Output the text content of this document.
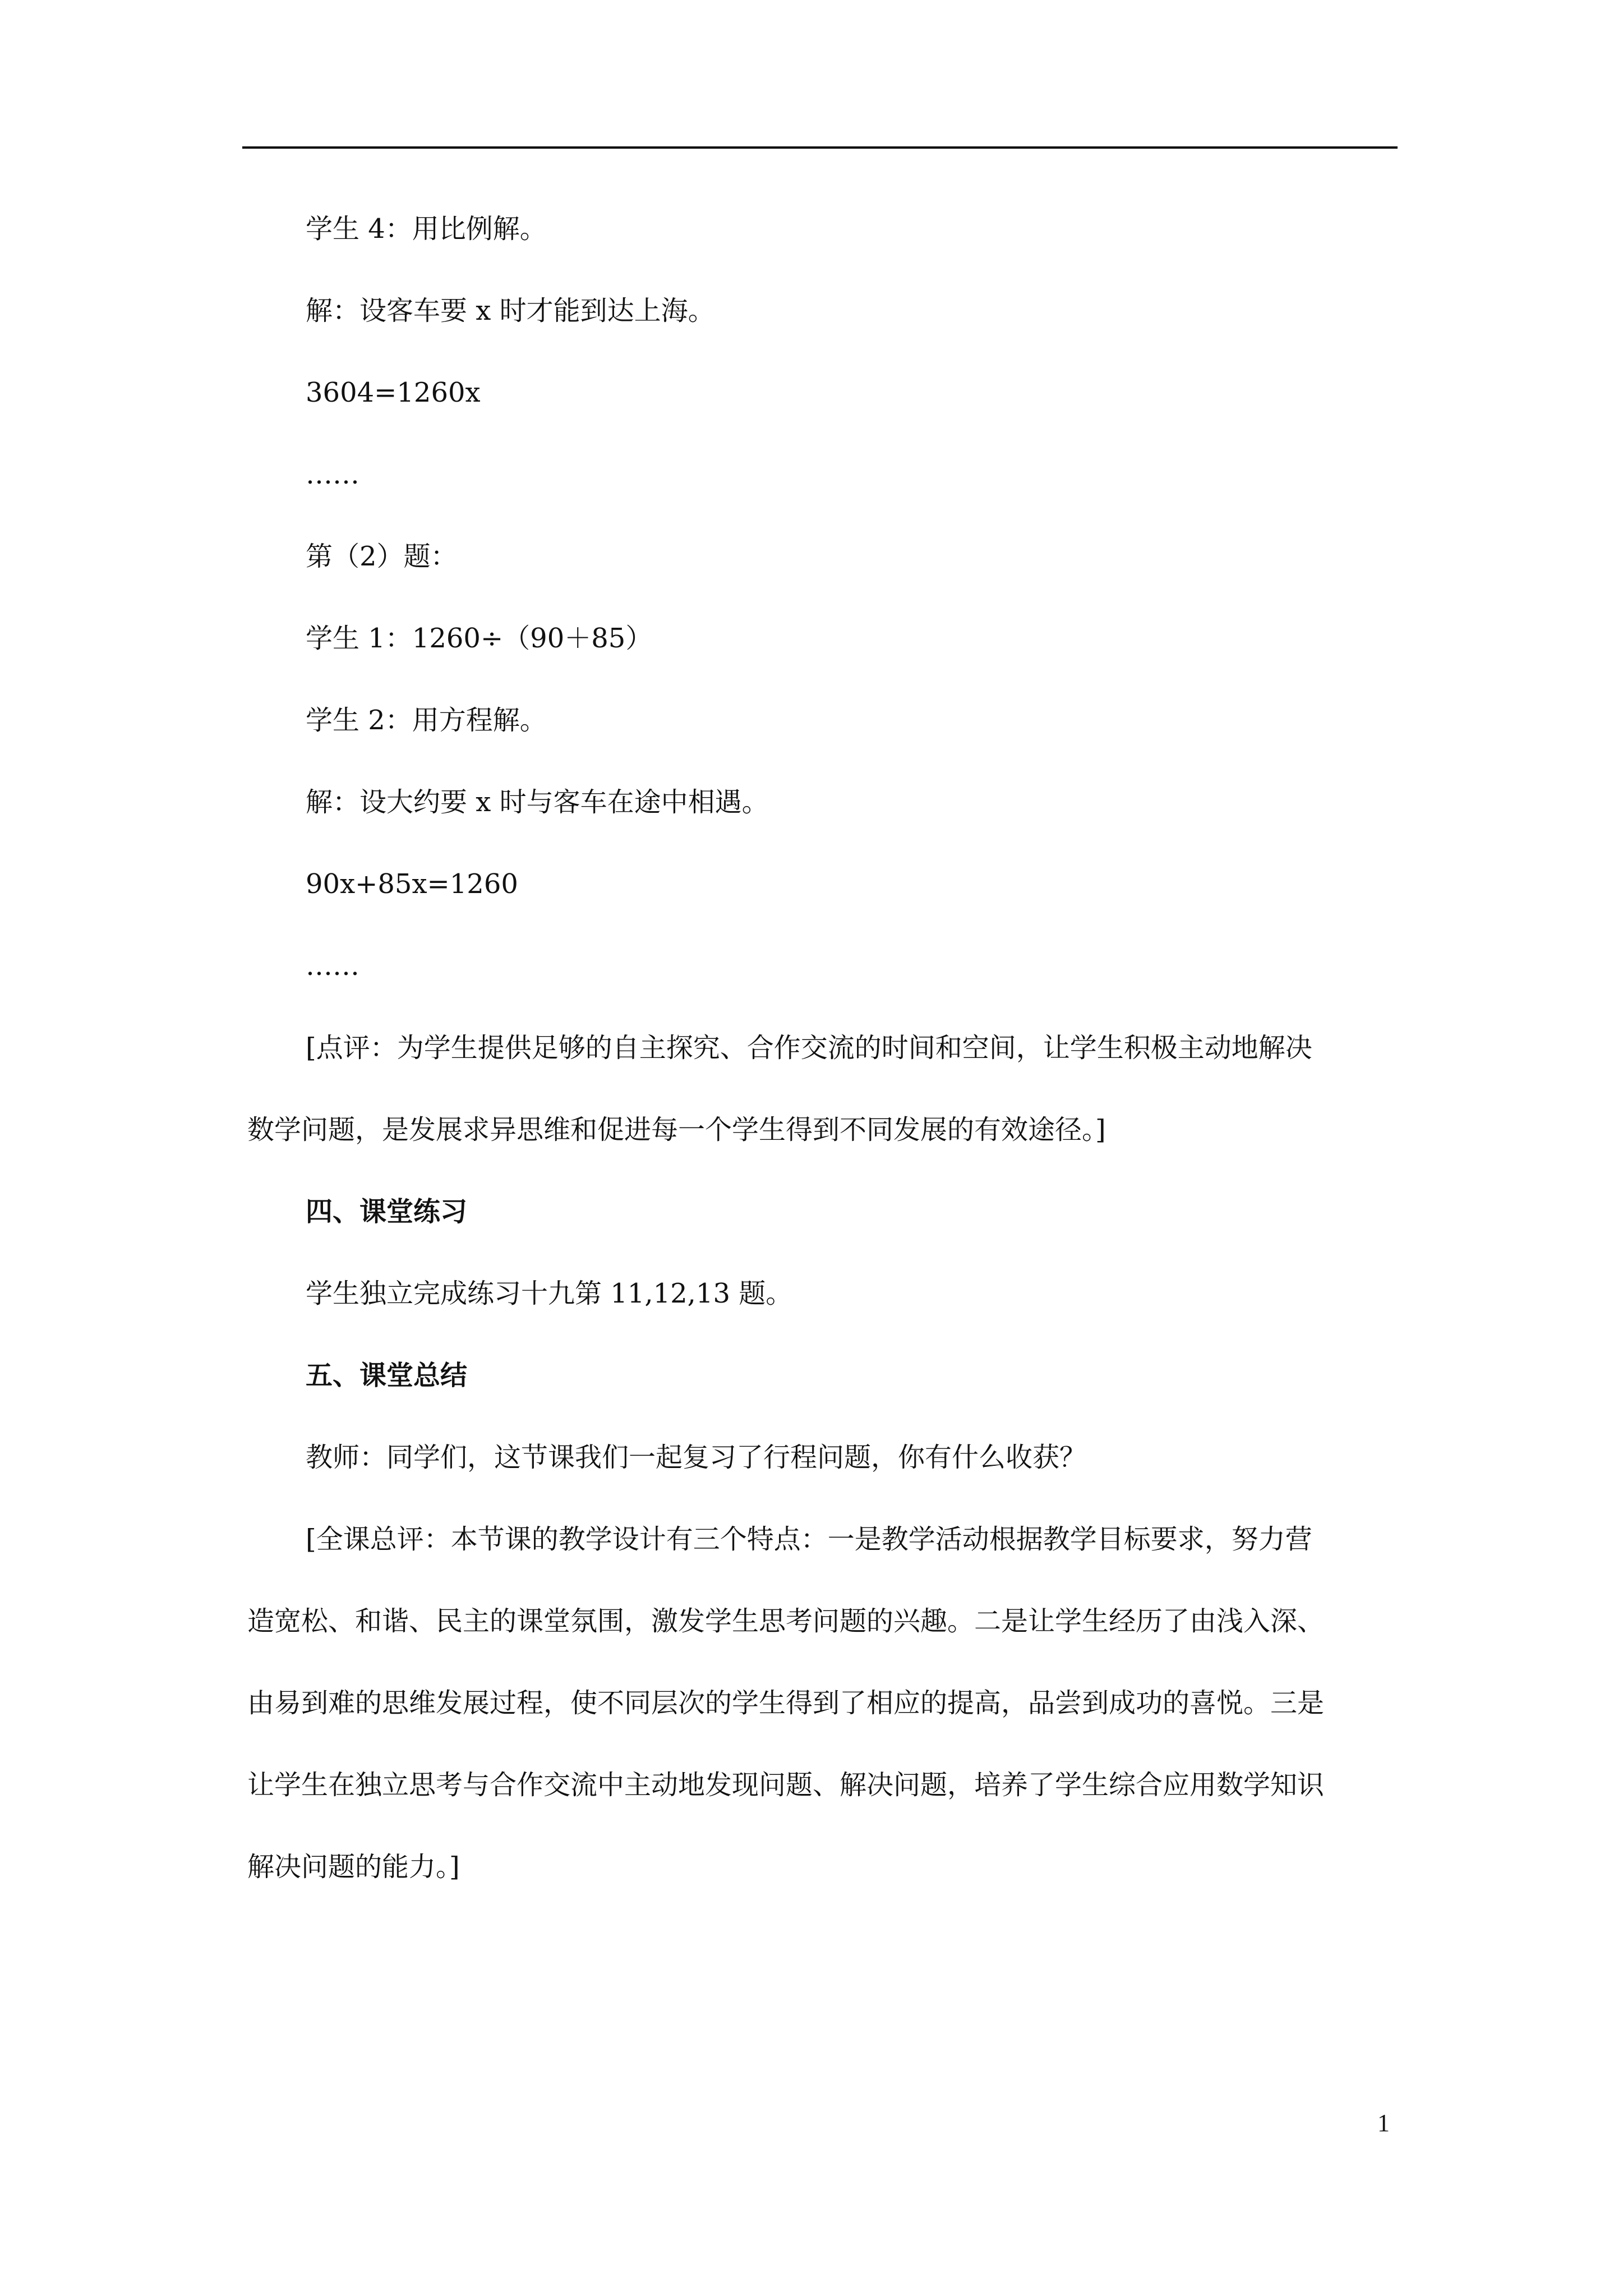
学生 4：用比例解。

解：设客车要 x 时才能到达上海。

3604=1260x

……

第（2）题：

学生 1：1260÷（90＋85）

学生 2：用方程解。

解：设大约要 x 时与客车在途中相遇。

90x+85x=1260

……

[点评：为学生提供足够的自主探究、合作交流的时间和空间，让学生积极主动地解决

数学问题，是发展求异思维和促进每一个学生得到不同发展的有效途径。]

四、课堂练习

学生独立完成练习十九第 11,12,13 题。

五、课堂总结

教师：同学们，这节课我们一起复习了行程问题，你有什么收获？

[全课总评：本节课的教学设计有三个特点：一是教学活动根据教学目标要求，努力营

造宽松、和谐、民主的课堂氛围，激发学生思考问题的兴趣。二是让学生经历了由浅入深、

由易到难的思维发展过程，使不同层次的学生得到了相应的提高，品尝到成功的喜悦。三是

让学生在独立思考与合作交流中主动地发现问题、解决问题，培养了学生综合应用数学知识

解决问题的能力。]

1
